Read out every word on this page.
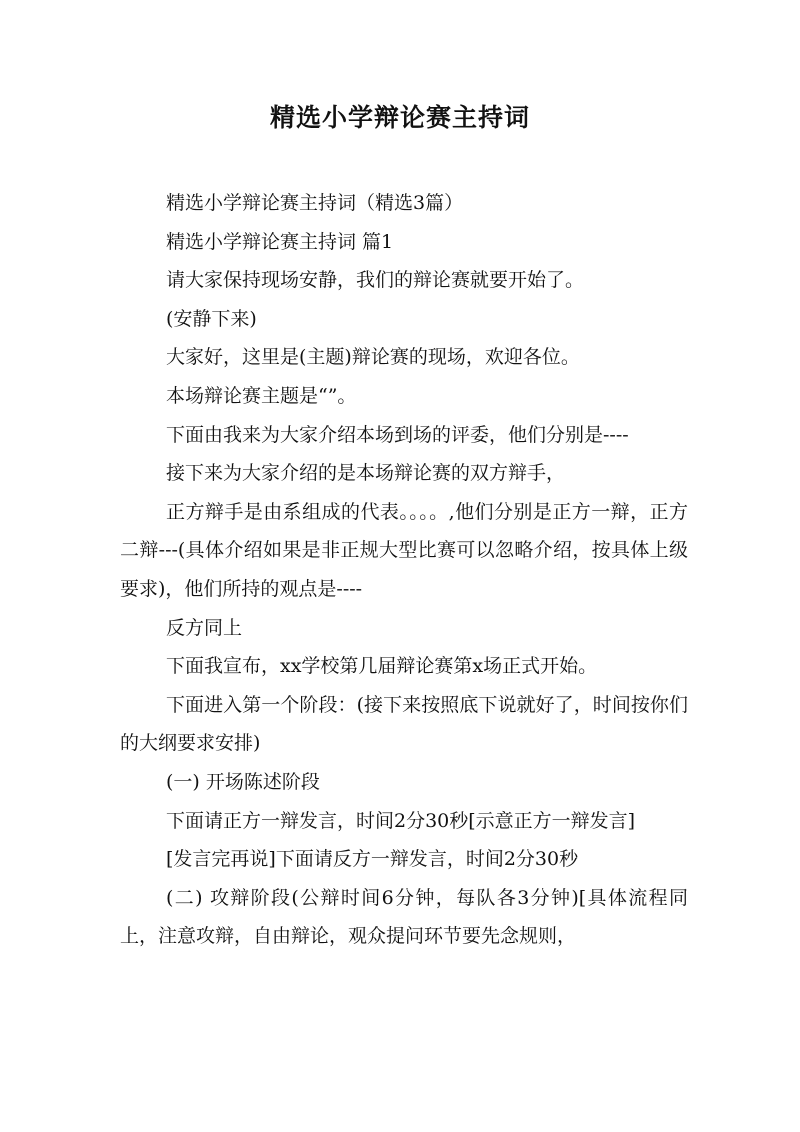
精选小学辩论赛主持词

精选小学辩论赛主持词（精选3篇）

精选小学辩论赛主持词 篇1

请大家保持现场安静，我们的辩论赛就要开始了。

(安静下来)

大家好，这里是(主题)辩论赛的现场，欢迎各位。

本场辩论赛主题是“”。

下面由我来为大家介绍本场到场的评委，他们分别是----

接下来为大家介绍的是本场辩论赛的双方辩手，

正方辩手是由系组成的代表。。。。,他们分别是正方一辩，正方二辩---(具体介绍如果是非正规大型比赛可以忽略介绍，按具体上级要求)，他们所持的观点是----

反方同上

下面我宣布，xx学校第几届辩论赛第x场正式开始。

下面进入第一个阶段：(接下来按照底下说就好了，时间按你们的大纲要求安排)

(一) 开场陈述阶段

下面请正方一辩发言，时间2分30秒[示意正方一辩发言]

[发言完再说]下面请反方一辩发言，时间2分30秒

(二) 攻辩阶段(公辩时间6分钟，每队各3分钟)[具体流程同上，注意攻辩，自由辩论，观众提问环节要先念规则，
